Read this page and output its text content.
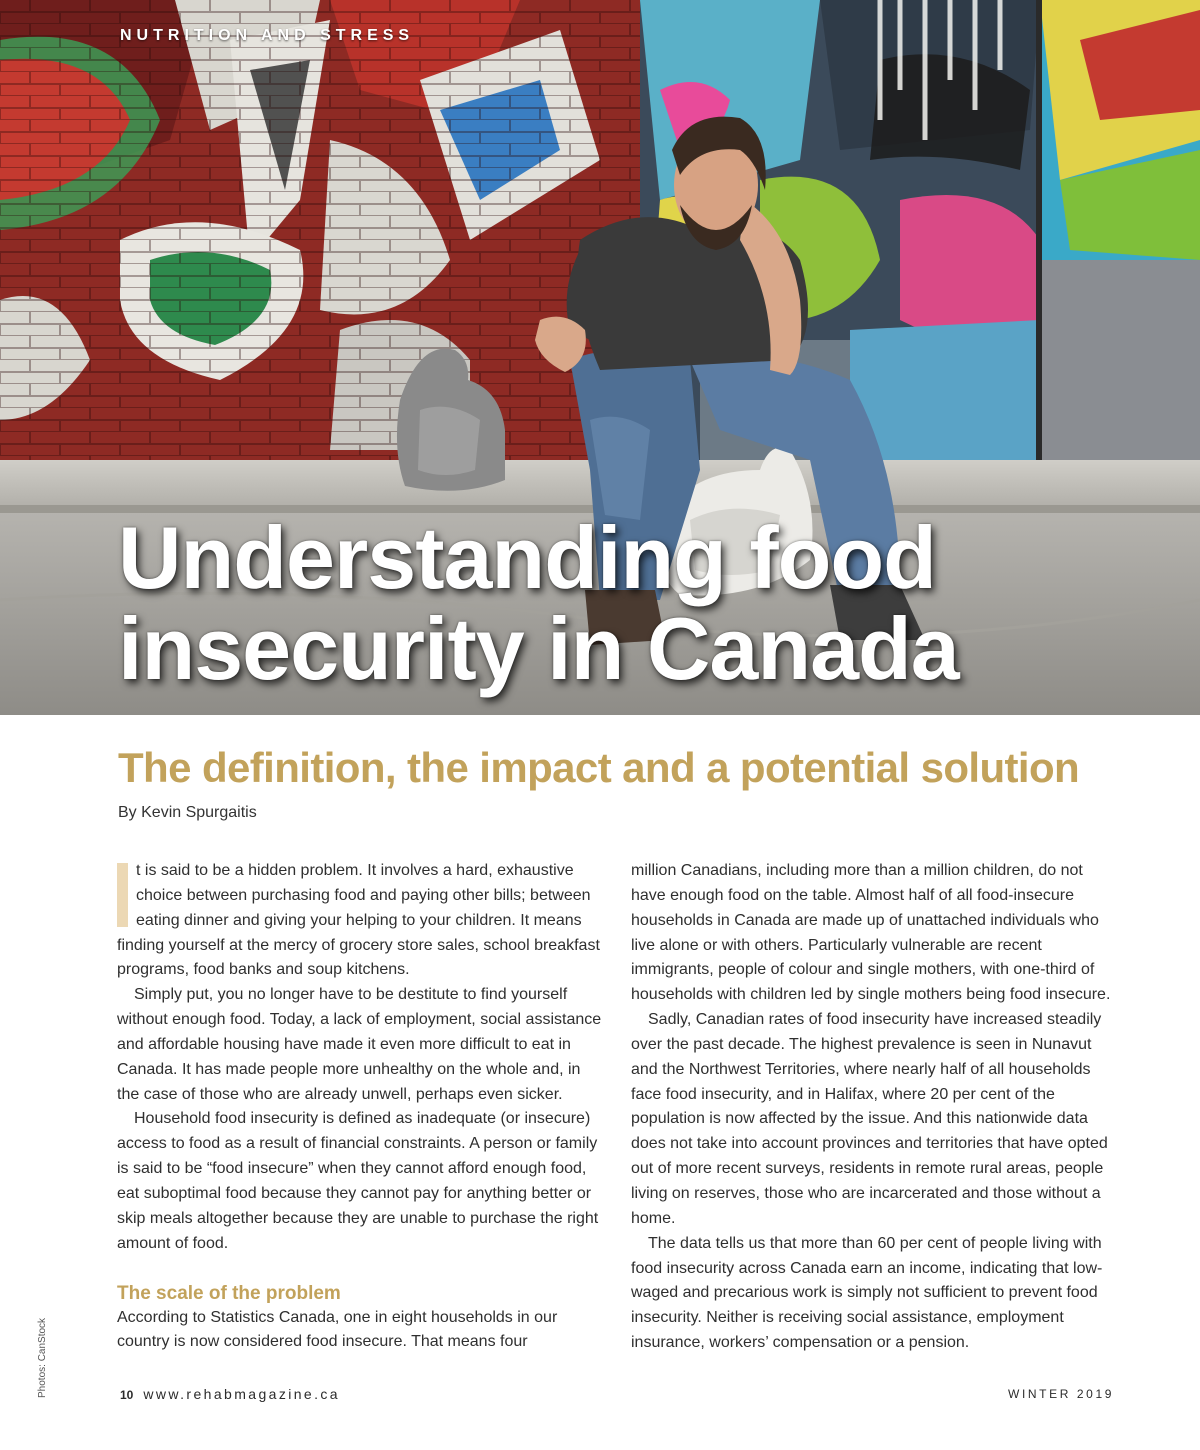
NUTRITION AND STRESS
Understanding food
insecurity in Canada
The definition, the impact and a potential solution
By Kevin Spurgaitis

t is said to be a hidden problem. It involves a hard, exhaustive choice between purchasing food and paying other bills; between eating dinner and giving your helping to your children. It means finding yourself at the mercy of grocery store sales, school breakfast programs, food banks and soup kitchens.

Simply put, you no longer have to be destitute to find yourself without enough food. Today, a lack of employment, social assistance and affordable housing have made it even more difficult to eat in Canada. It has made people more unhealthy on the whole and, in the case of those who are already unwell, perhaps even sicker.

Household food insecurity is defined as inadequate (or insecure) access to food as a result of financial constraints. A person or family is said to be “food insecure” when they cannot afford enough food, eat suboptimal food because they cannot pay for anything better or skip meals altogether because they are unable to purchase the right amount of food.

The scale of the problem

According to Statistics Canada, one in eight households in our country is now considered food insecure. That means four

million Canadians, including more than a million children, do not have enough food on the table. Almost half of all food-insecure households in Canada are made up of unattached individuals who live alone or with others. Particularly vulnerable are recent immigrants, people of colour and single mothers, with one-third of households with children led by single mothers being food insecure.

Sadly, Canadian rates of food insecurity have increased steadily over the past decade. The highest prevalence is seen in Nunavut and the Northwest Territories, where nearly half of all households face food insecurity, and in Halifax, where 20 per cent of the population is now affected by the issue. And this nationwide data does not take into account provinces and territories that have opted out of more recent surveys, residents in remote rural areas, people living on reserves, those who are incarcerated and those without a home.

The data tells us that more than 60 per cent of people living with food insecurity across Canada earn an income, indicating that low-waged and precarious work is simply not sufficient to prevent food insecurity. Neither is receiving social assistance, employment insurance, workers’ compensation or a pension.

Photos: CanStock	10 www.rehabmagazine.ca	WINTER 2019
